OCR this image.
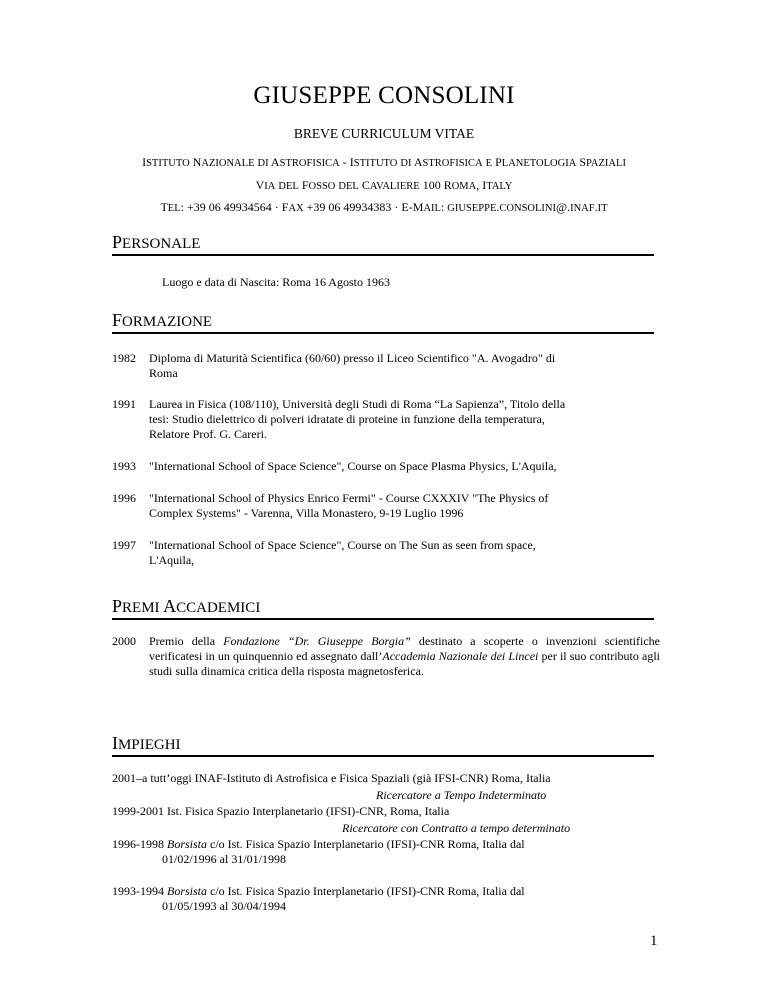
GIUSEPPE CONSOLINI
BREVE CURRICULUM VITAE
ISTITUTO NAZIONALE DI ASTROFISICA - ISTITUTO DI ASTROFISICA E PLANETOLOGIA SPAZIALI
VIA DEL FOSSO DEL CAVALIERE 100 ROMA, ITALY
TEL: +39 06 49934564 · FAX +39 06 49934383 · E-MAIL: GIUSEPPE.CONSOLINI@.INAF.IT
PERSONALE
Luogo e data di Nascita: Roma 16 Agosto 1963
FORMAZIONE
1982 Diploma di Maturità Scientifica (60/60) presso il Liceo Scientifico "A. Avogadro" di
Roma
1991 Laurea in Fisica (108/110), Università degli Studi di Roma “La Sapienza”, Titolo della
tesi: Studio dielettrico di polveri idratate di proteine in funzione della temperatura,
Relatore Prof. G. Careri.
1993 "International School of Space Science", Course on Space Plasma Physics, L'Aquila,
1996 "International School of Physics Enrico Fermi" - Course CXXXIV "The Physics of
Complex Systems" - Varenna, Villa Monastero, 9-19 Luglio 1996
1997 "International School of Space Science", Course on The Sun as seen from space,
L'Aquila,
PREMI ACCADEMICI
2000 Premio della Fondazione “Dr. Giuseppe Borgia” destinato a scoperte o invenzioni scientifiche verificatesi in un quinquennio ed assegnato dall’Accademia Nazionale dei Lincei per il suo contributo agli studi sulla dinamica critica della risposta magnetosferica.
IMPIEGHI
2001–a tutt’oggi INAF-Istituto di Astrofisica e Fisica Spaziali (già IFSI-CNR) Roma, Italia
Ricercatore a Tempo Indeterminato
1999-2001 Ist. Fisica Spazio Interplanetario (IFSI)-CNR, Roma, Italia
Ricercatore con Contratto a tempo determinato
1996-1998 Borsista c/o Ist. Fisica Spazio Interplanetario (IFSI)-CNR Roma, Italia dal
01/02/1996 al 31/01/1998
1993-1994 Borsista c/o Ist. Fisica Spazio Interplanetario (IFSI)-CNR Roma, Italia dal
01/05/1993 al 30/04/1994
1
